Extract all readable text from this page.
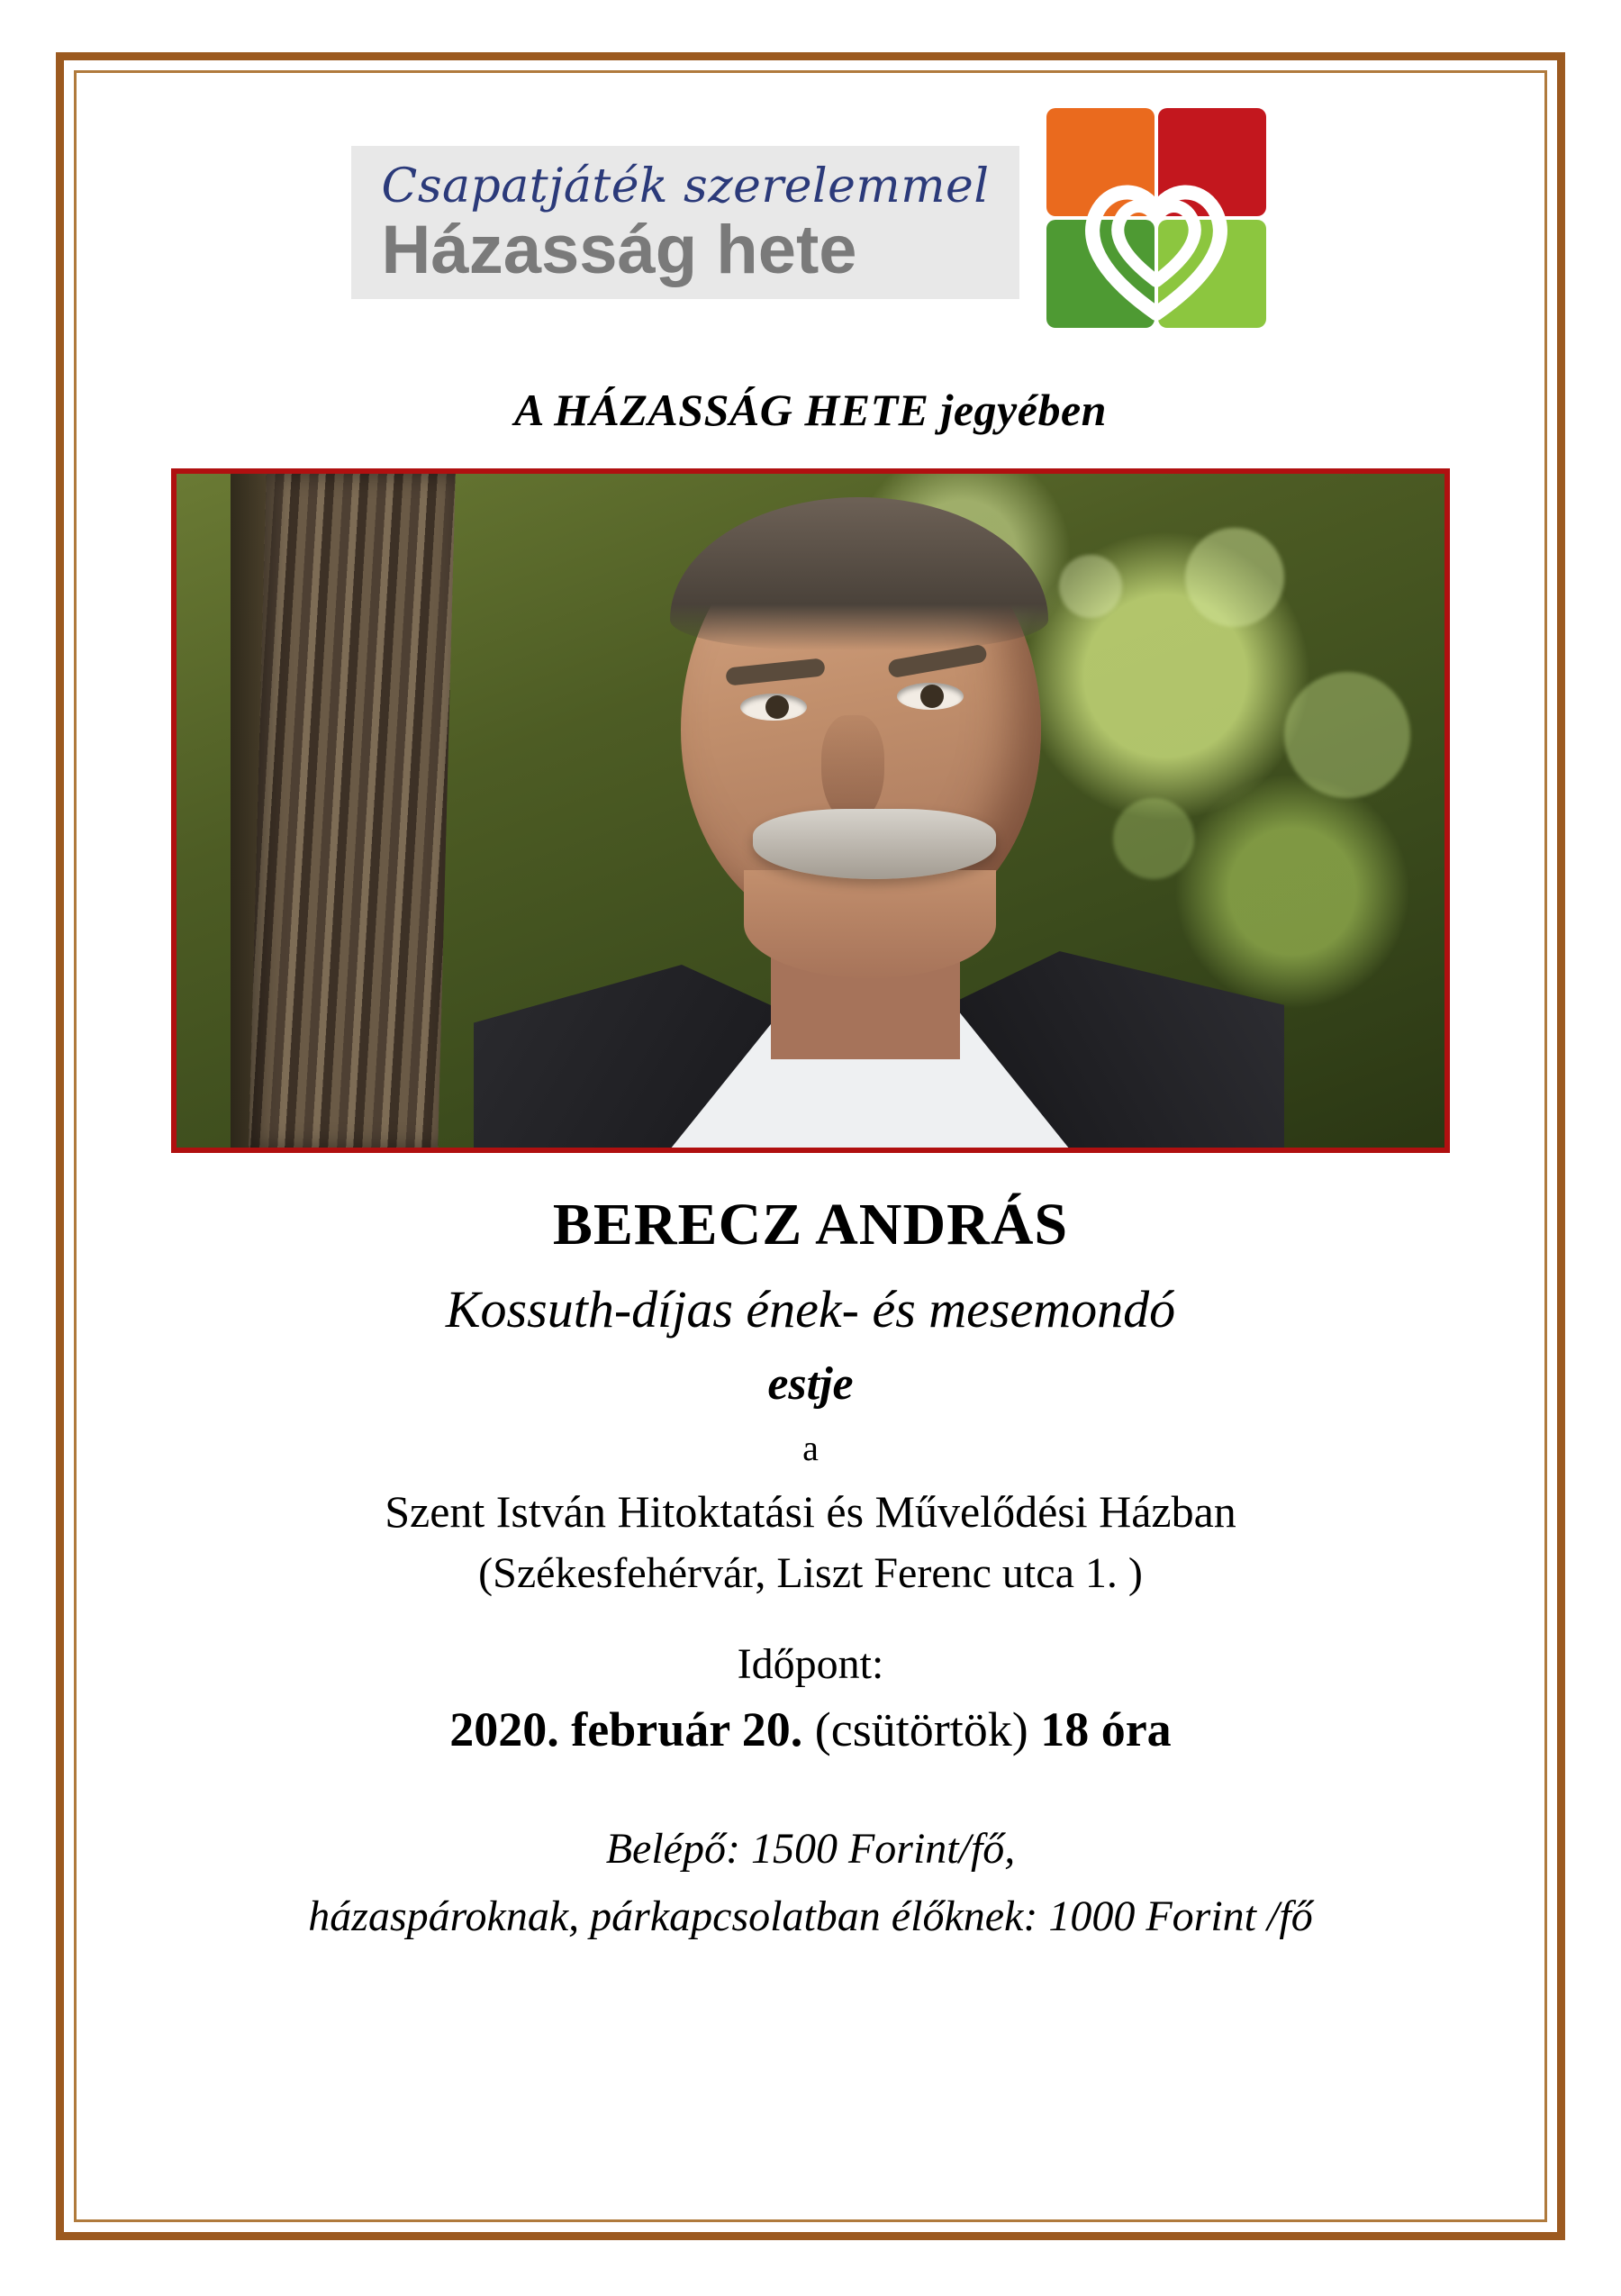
Csapatjáték szerelemmel
Házasság hete
A HÁZASSÁG HETE jegyében
BERECZ ANDRÁS
Kossuth-díjas ének- és mesemondó
estje
a
Szent István Hitoktatási és Művelődési Házban
(Székesfehérvár, Liszt Ferenc utca 1. )
Időpont:
2020. február 20. (csütörtök) 18 óra
Belépő: 1500 Forint/fő,
házaspároknak, párkapcsolatban élőknek: 1000 Forint /fő
